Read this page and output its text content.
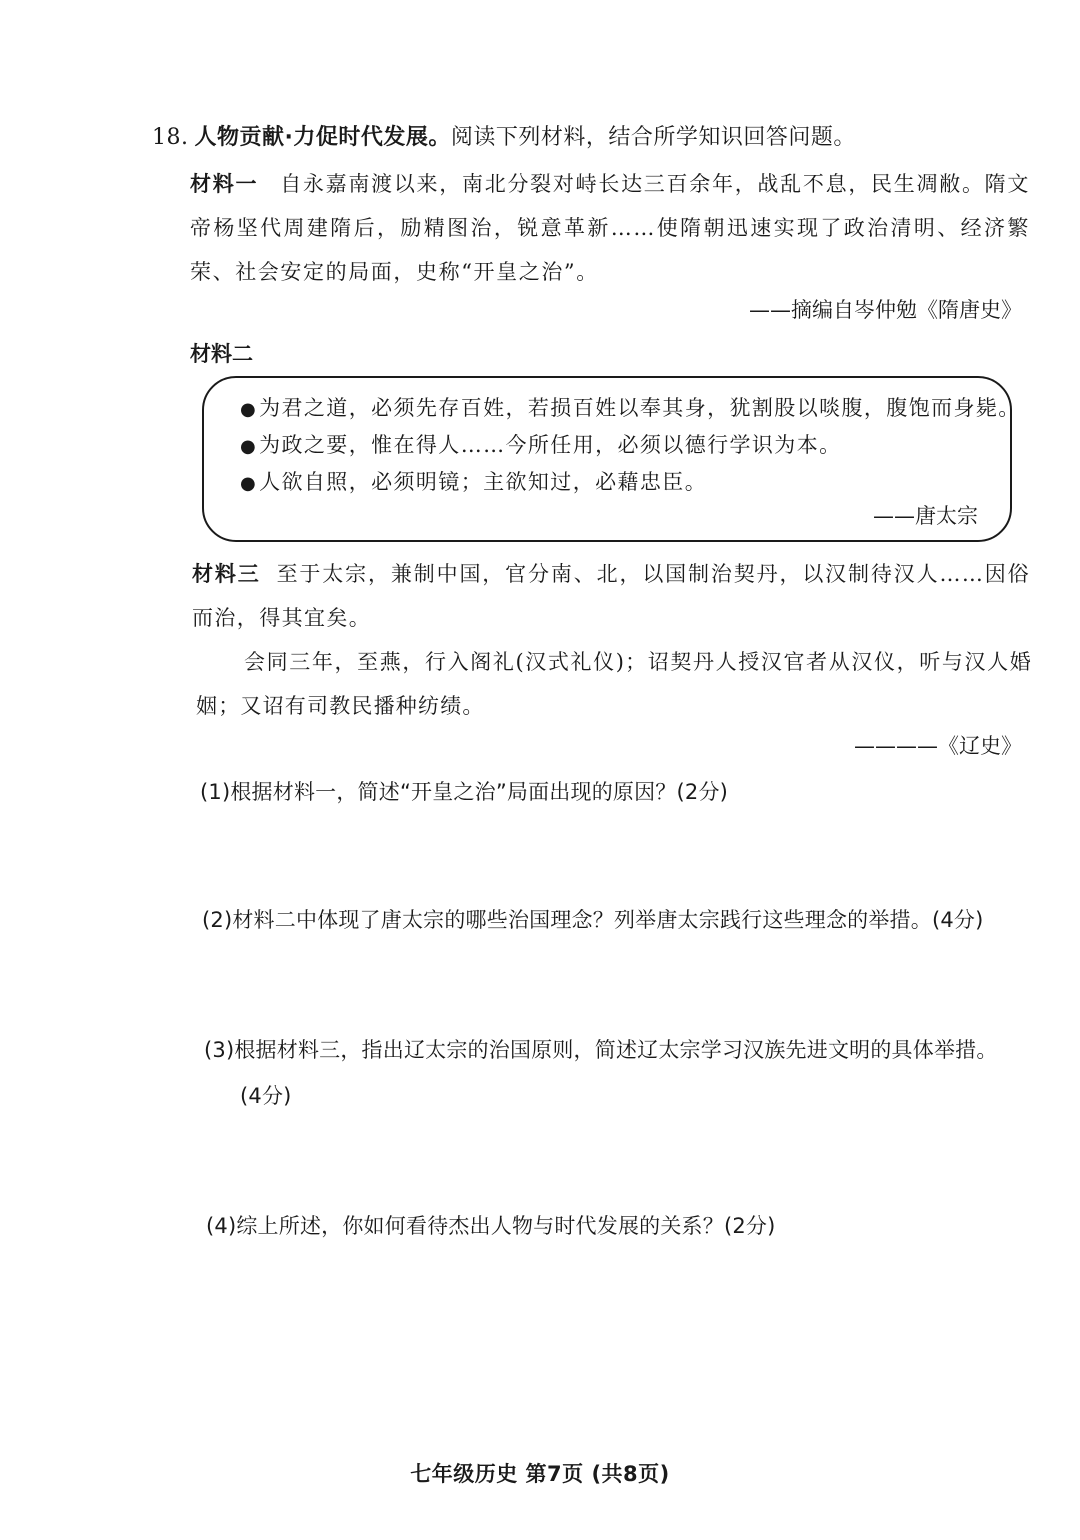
18. 人物贡献·力促时代发展。阅读下列材料，结合所学知识回答问题。
材料一 自永嘉南渡以来，南北分裂对峙长达三百余年，战乱不息，民生凋敝。隋文帝杨坚代周建隋后，励精图治，锐意革新……使隋朝迅速实现了政治清明、经济繁荣、社会安定的局面，史称“开皇之治”。
——摘编自岑仲勉《隋唐史》
材料二
●为君之道，必须先存百姓，若损百姓以奉其身，犹割股以啖腹，腹饱而身毙。
●为政之要，惟在得人……今所任用，必须以德行学识为本。
●人欲自照，必须明镜；主欲知过，必藉忠臣。
——唐太宗
材料三 至于太宗，兼制中国，官分南、北，以国制治契丹，以汉制待汉人……因俗而治，得其宜矣。
会同三年，至燕，行入阁礼(汉式礼仪)；诏契丹人授汉官者从汉仪，听与汉人婚姻；又诏有司教民播种纺绩。
————《辽史》
(1)根据材料一，简述“开皇之治”局面出现的原因？(2分)
(2)材料二中体现了唐太宗的哪些治国理念？列举唐太宗践行这些理念的举措。(4分)
(3)根据材料三，指出辽太宗的治国原则，简述辽太宗学习汉族先进文明的具体举措。
(4分)
(4)综上所述，你如何看待杰出人物与时代发展的关系？(2分)
七年级历史 第7页 (共8页)
